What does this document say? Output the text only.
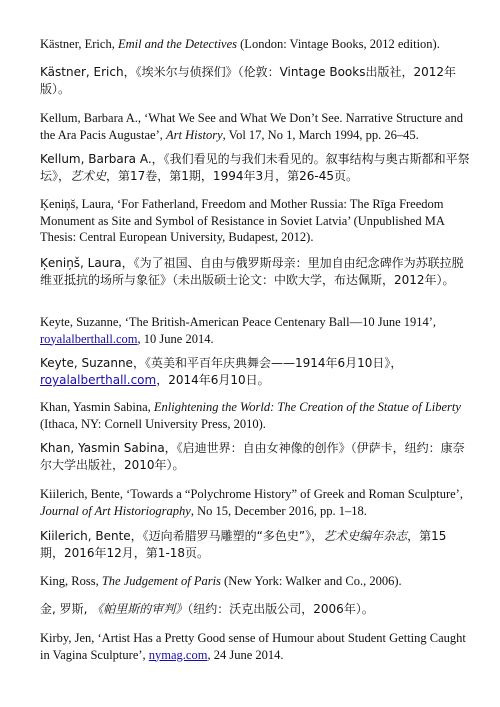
Kästner, Erich, Emil and the Detectives (London: Vintage Books, 2012 edition).

Kästner, Erich，《埃米尔与侦探们》（伦敦：Vintage Books出版社，2012年版）。

Kellum, Barbara A., ‘What We See and What We Don’t See. Narrative Structure and the Ara Pacis Augustae’, Art History, Vol 17, No 1, March 1994, pp. 26–45.

Kellum, Barbara A.，《我们看见的与我们未看见的。叙事结构与奥古斯都和平祭坛》，艺术史，第17卷，第1期，1994年3月，第26-45页。

Ķeniņš, Laura, ‘For Fatherland, Freedom and Mother Russia: The Rīga Freedom Monument as Site and Symbol of Resistance in Soviet Latvia’ (Unpublished MA Thesis: Central European University, Budapest, 2012).

Ķeniņš, Laura，《为了祖国、自由与俄罗斯母亲：里加自由纪念碑作为苏联拉脱维亚抵抗的场所与象征》（未出版硕士论文：中欧大学，布达佩斯，2012年）。

Keyte, Suzanne, ‘The British-American Peace Centenary Ball—10 June 1914’, royalalberthall.com, 10 June 2014.

Keyte, Suzanne，《英美和平百年庆典舞会——1914年6月10日》，royalalberthall.com，2014年6月10日。

Khan, Yasmin Sabina, Enlightening the World: The Creation of the Statue of Liberty (Ithaca, NY: Cornell University Press, 2010).

Khan, Yasmin Sabina，《启迪世界：自由女神像的创作》（伊萨卡，纽约：康奈尔大学出版社，2010年）。

Kiilerich, Bente, ‘Towards a “Polychrome History” of Greek and Roman Sculpture’, Journal of Art Historiography, No 15, December 2016, pp. 1–18.

Kiilerich, Bente，《迈向希腊罗马雕塑的“多色史”》，艺术史编年杂志，第15期，2016年12月，第1-18页。

King, Ross, The Judgement of Paris (New York: Walker and Co., 2006).

金, 罗斯, 《帕里斯的审判》（纽约：沃克出版公司，2006年）。

Kirby, Jen, ‘Artist Has a Pretty Good sense of Humour about Student Getting Caught in Vagina Sculpture’, nymag.com, 24 June 2014.
